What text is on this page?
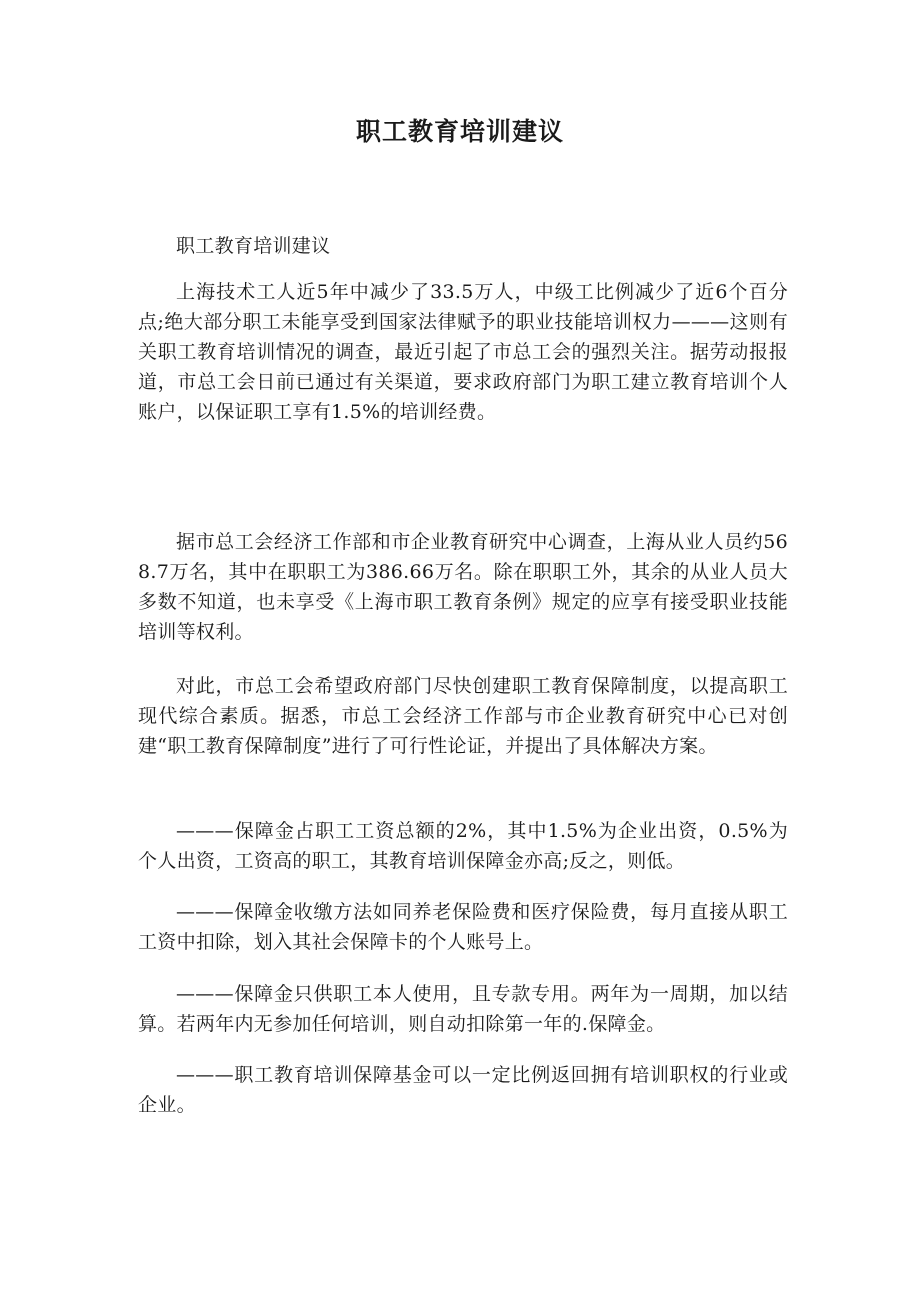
职工教育培训建议

职工教育培训建议

上海技术工人近5年中减少了33.5万人，中级工比例减少了近6个百分点;绝大部分职工未能享受到国家法律赋予的职业技能培训权力———这则有关职工教育培训情况的调查，最近引起了市总工会的强烈关注。据劳动报报道，市总工会日前已通过有关渠道，要求政府部门为职工建立教育培训个人账户，以保证职工享有1.5%的培训经费。

据市总工会经济工作部和市企业教育研究中心调查，上海从业人员约568.7万名，其中在职职工为386.66万名。除在职职工外，其余的从业人员大多数不知道，也未享受《上海市职工教育条例》规定的应享有接受职业技能培训等权利。

对此，市总工会希望政府部门尽快创建职工教育保障制度，以提高职工现代综合素质。据悉，市总工会经济工作部与市企业教育研究中心已对创建“职工教育保障制度”进行了可行性论证，并提出了具体解决方案。

———保障金占职工工资总额的2%，其中1.5%为企业出资，0.5%为个人出资，工资高的职工，其教育培训保障金亦高;反之，则低。

———保障金收缴方法如同养老保险费和医疗保险费，每月直接从职工工资中扣除，划入其社会保障卡的个人账号上。

———保障金只供职工本人使用，且专款专用。两年为一周期，加以结算。若两年内无参加任何培训，则自动扣除第一年的.保障金。

———职工教育培训保障基金可以一定比例返回拥有培训职权的行业或企业。
